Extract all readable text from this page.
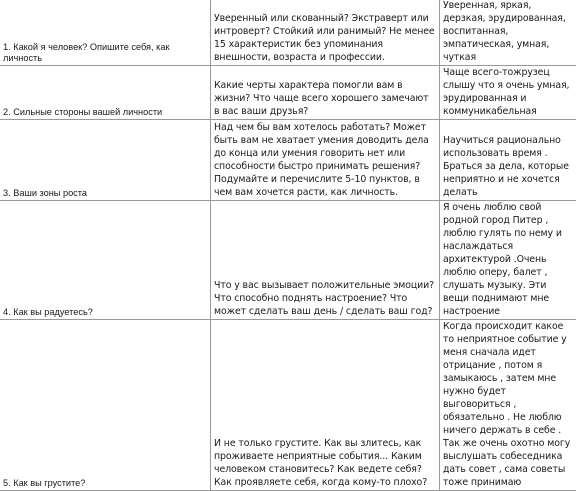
1. Какой я человек? Опишите себя, как личность	Уверенный или скованный? Экстраверт или интроверт? Стойкий или ранимый? Не менее 15 характеристик без упоминания внешности, возраста и профессии.	Уверенная, яркая, дерзкая, эрудированная, воспитанная, эмпатическая, умная, чуткая

2. Сильные стороны вашей личности	Какие черты характера помогли вам в жизни? Что чаще всего хорошего замечают в вас ваши друзья?	Чаще всего-тожрузец слышу что я очень умная, эрудированная и коммуникабельная

3. Ваши зоны роста	Над чем бы вам хотелось работать? Может быть вам не хватает умения доводить дела до конца или умения говорить нет или способности быстро принимать решения? Подумайте и перечислите 5-10 пунктов, в чем вам хочется расти, как личность.	Научиться рационально использовать время . Браться за дела, которые неприятно и не хочется делать

4. Как вы радуетесь?	Что у вас вызывает положительные эмоции? Что способно поднять настроение? Что может сделать ваш день / сделать ваш год?	Я очень люблю свой родной город Питер , люблю гулять по нему и наслаждаться архитектурой .Очень люблю оперу, балет , слушать музыку. Эти вещи поднимают мне настроение

5. Как вы грустите?	И не только грустите. Как вы злитесь, как проживаете неприятные события... Каким человеком становитесь? Как ведете себя? Как проявляете себя, когда кому-то плохо?	Когда происходит какое то неприятное событие у меня сначала идет отрицание , потом я замыкаюсь , затем мне нужно будет выговориться , обязательно . Не люблю ничего держать в себе . Так же очень охотно могу выслушать собеседника дать совет , сама советы тоже принимаю
